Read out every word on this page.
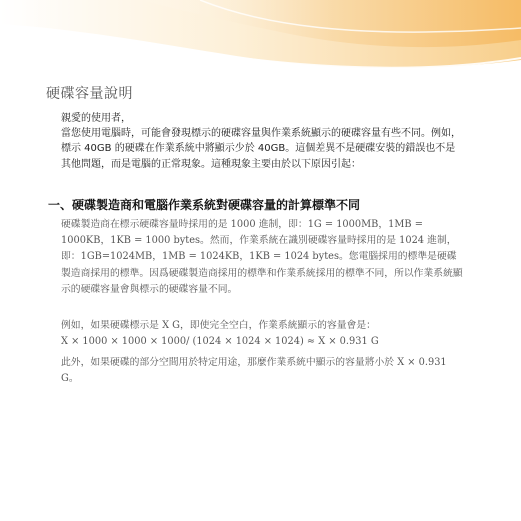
硬碟容量說明

親愛的使用者，

當您使用電腦時，可能會發現標示的硬碟容量與作業系統顯示的硬碟容量有些不同。例如，標示 40GB 的硬碟在作業系統中將顯示少於 40GB。這個差異不是硬碟安裝的錯誤也不是其他問題，而是電腦的正常現象。這種現象主要由於以下原因引起：

一、硬碟製造商和電腦作業系統對硬碟容量的計算標準不同

硬碟製造商在標示硬碟容量時採用的是 1000 進制，即：1G = 1000MB，1MB = 1000KB，1KB = 1000 bytes。然而，作業系統在識別硬碟容量時採用的是 1024 進制，即：1GB=1024MB，1MB = 1024KB，1KB = 1024 bytes。您電腦採用的標準是硬碟製造商採用的標準。因爲硬碟製造商採用的標準和作業系統採用的標準不同，所以作業系統顯示的硬碟容量會與標示的硬碟容量不同。

例如，如果硬碟標示是 X G，即使完全空白，作業系統顯示的容量會是：

X × 1000 × 1000 × 1000/ (1024 × 1024 × 1024) ≈ X × 0.931 G

此外，如果硬碟的部分空間用於特定用途，那麼作業系統中顯示的容量將小於 X × 0.931 G。
